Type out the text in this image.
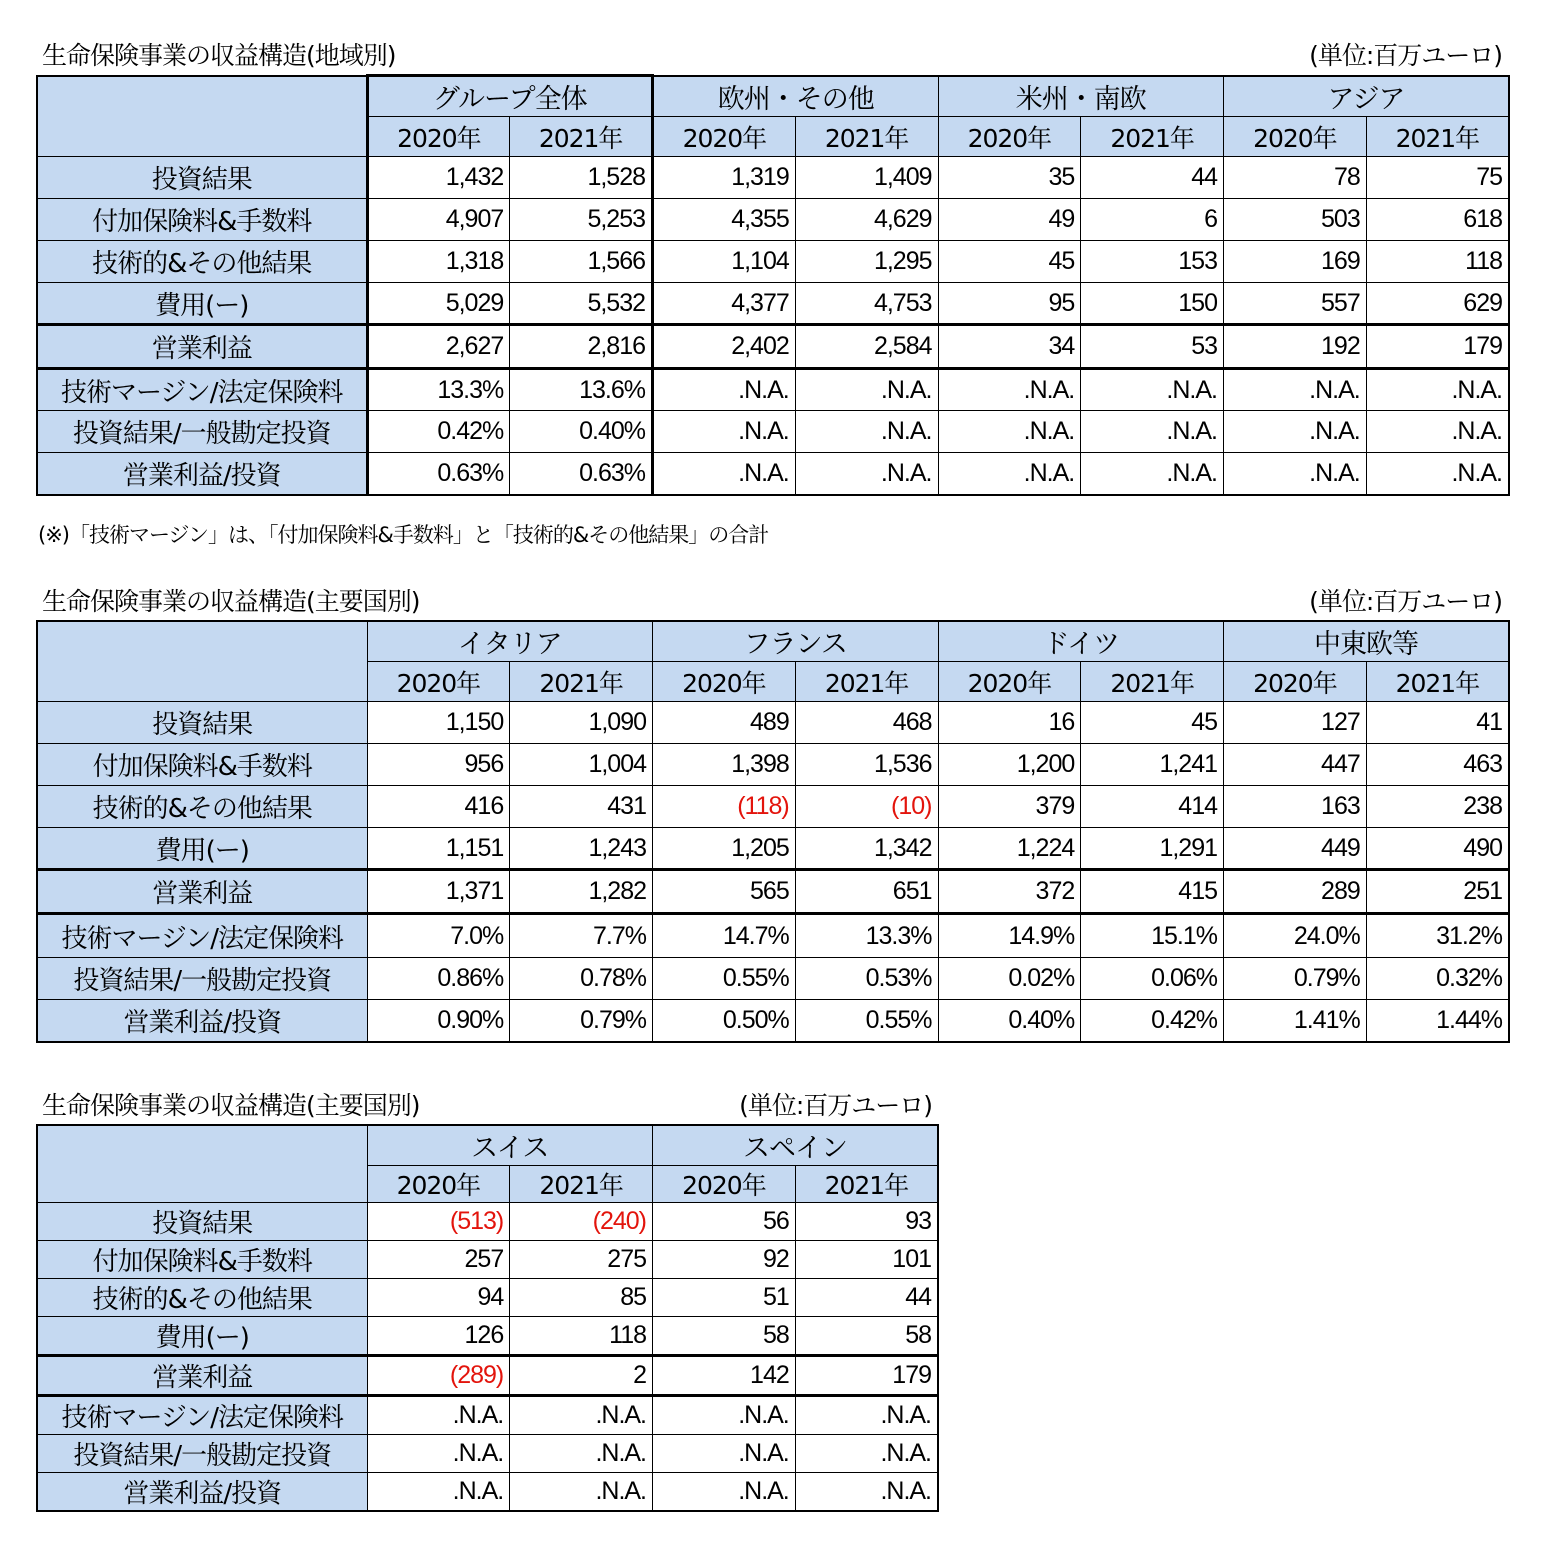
生命保険事業の収益構造(地域別)	(単位:百万ユーロ)
	グループ全体		欧州・その他		米州・南欧		アジア	
	2020年	2021年	2020年	2021年	2020年	2021年	2020年	2021年
投資結果	1,432	1,528	1,319	1,409	35	44	78	75
付加保険料&手数料	4,907	5,253	4,355	4,629	49	6	503	618
技術的&その他結果	1,318	1,566	1,104	1,295	45	153	169	118
費用(ー)	5,029	5,532	4,377	4,753	95	150	557	629
営業利益	2,627	2,816	2,402	2,584	34	53	192	179
技術マージン/法定保険料	13.3%	13.6%	.N.A.	.N.A.	.N.A.	.N.A.	.N.A.	.N.A.
投資結果/一般勘定投資	0.42%	0.40%	.N.A.	.N.A.	.N.A.	.N.A.	.N.A.	.N.A.
営業利益/投資	0.63%	0.63%	.N.A.	.N.A.	.N.A.	.N.A.	.N.A.	.N.A.
(※)「技術マージン」は、「付加保険料&手数料」と「技術的&その他結果」の合計
生命保険事業の収益構造(主要国別)	(単位:百万ユーロ)
	イタリア		フランス		ドイツ		中東欧等	
	2020年	2021年	2020年	2021年	2020年	2021年	2020年	2021年
投資結果	1,150	1,090	489	468	16	45	127	41
付加保険料&手数料	956	1,004	1,398	1,536	1,200	1,241	447	463
技術的&その他結果	416	431	(118)	(10)	379	414	163	238
費用(ー)	1,151	1,243	1,205	1,342	1,224	1,291	449	490
営業利益	1,371	1,282	565	651	372	415	289	251
技術マージン/法定保険料	7.0%	7.7%	14.7%	13.3%	14.9%	15.1%	24.0%	31.2%
投資結果/一般勘定投資	0.86%	0.78%	0.55%	0.53%	0.02%	0.06%	0.79%	0.32%
営業利益/投資	0.90%	0.79%	0.50%	0.55%	0.40%	0.42%	1.41%	1.44%
生命保険事業の収益構造(主要国別)	(単位:百万ユーロ)
	スイス		スペイン	
	2020年	2021年	2020年	2021年
投資結果	(513)	(240)	56	93
付加保険料&手数料	257	275	92	101
技術的&その他結果	94	85	51	44
費用(ー)	126	118	58	58
営業利益	(289)	2	142	179
技術マージン/法定保険料	.N.A.	.N.A.	.N.A.	.N.A.
投資結果/一般勘定投資	.N.A.	.N.A.	.N.A.	.N.A.
営業利益/投資	.N.A.	.N.A.	.N.A.	.N.A.
